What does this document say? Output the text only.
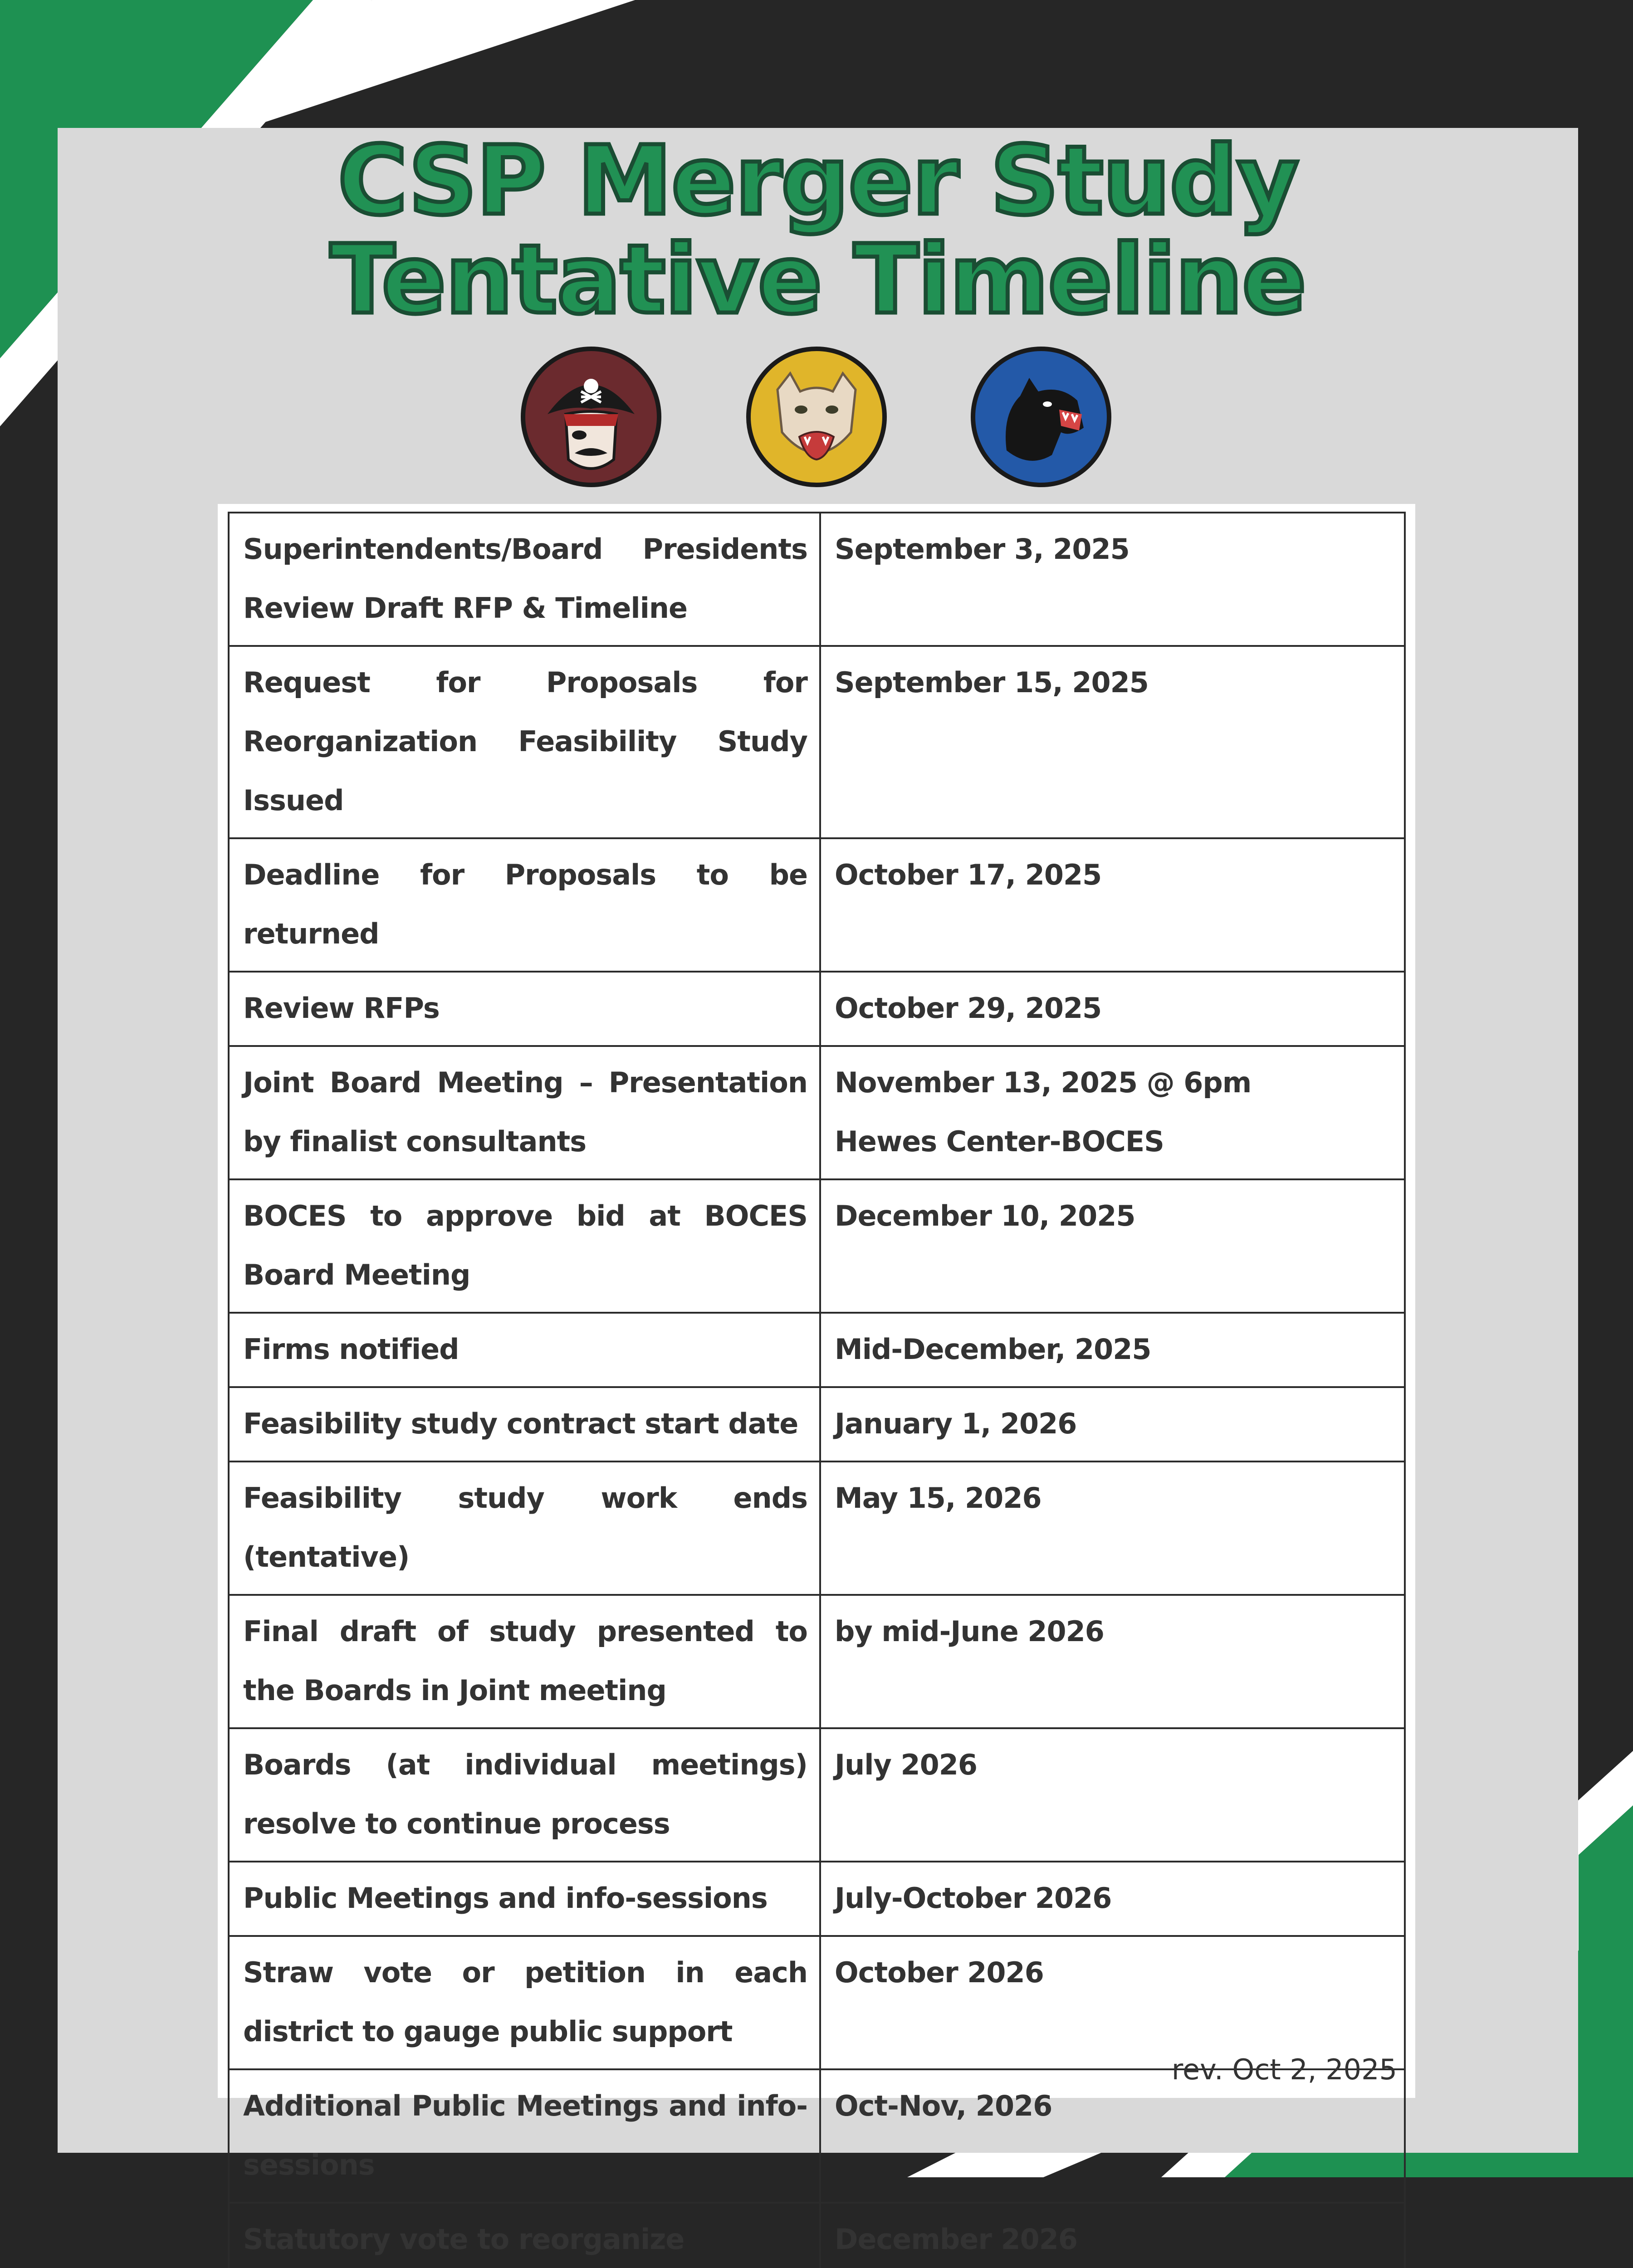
CSP Merger Study
Tentative Timeline
Superintendents/Board Presidents Review Draft RFP & Timeline	September 3, 2025

Request for Proposals for Reorganization Feasibility Study Issued	September 15, 2025

Deadline for Proposals to be returned	October 17, 2025

Review RFPs	October 29, 2025

Joint Board Meeting – Presentation by finalist consultants	November 13, 2025 @ 6pm
Hewes Center-BOCES

BOCES to approve bid at BOCES Board Meeting	December 10, 2025

Firms notified	Mid-December, 2025

Feasibility study contract start date	January 1, 2026

Feasibility study work ends (tentative)	May 15, 2026

Final draft of study presented to the Boards in Joint meeting	by mid-June 2026

Boards (at individual meetings) resolve to continue process	July 2026

Public Meetings and info-sessions	July-October 2026

Straw vote or petition in each district to gauge public support	October 2026

Additional Public Meetings and info-sessions	Oct-Nov, 2026

Statutory vote to reorganize	December 2026

rev. Oct 2, 2025
